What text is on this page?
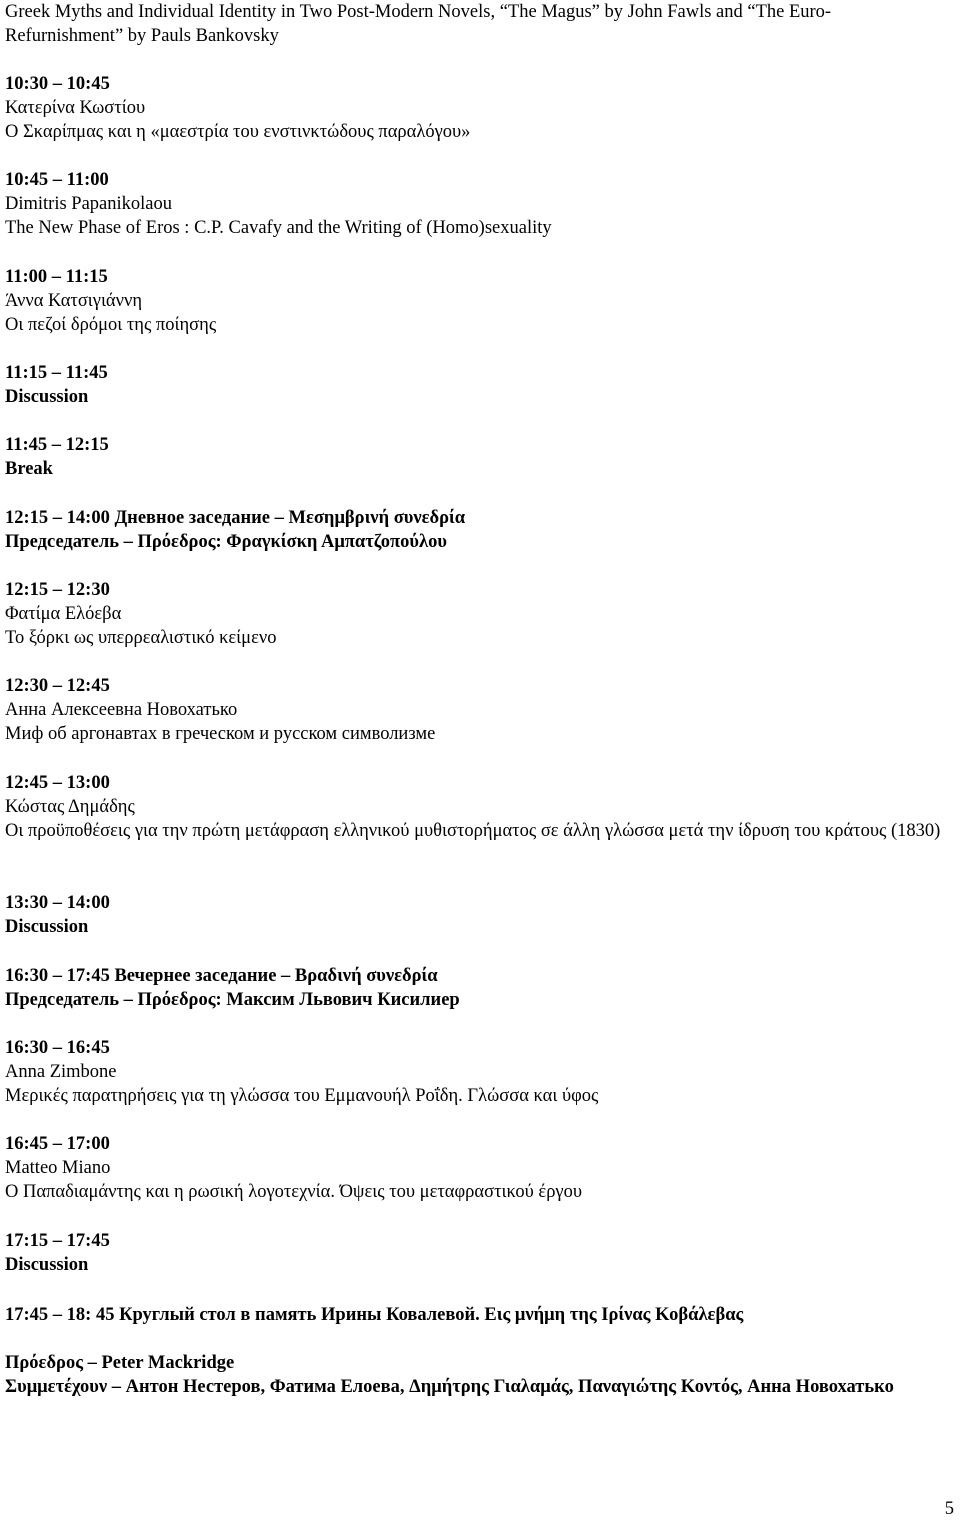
Greek Myths and Individual Identity in Two Post-Modern Novels, “The Magus” by John Fawls and “The Euro-
Refurnishment” by Pauls Bankovsky
10:30 – 10:45
Κατερίνα Κωστίου
Ο Σκαρίπμας και η «μαεστρία του ενστινκτώδους παραλόγου»
10:45 – 11:00
Dimitris Papanikolaou
The New Phase of Eros : C.P. Cavafy and the Writing of (Homo)sexuality
11:00 – 11:15
Άννα Κατσιγιάννη
Οι πεζοί δρόμοι της ποίησης
11:15 – 11:45
Discussion
11:45 – 12:15
Break
12:15 – 14:00 Дневное заседание – Μεσημβρινή συνεδρία
Председатель – Πρόεδρος: Φραγκίσκη Αμπατζοπούλου
12:15 – 12:30
Φατίμα Ελόεβα
Το ξόρκι ως υπερρεαλιστικό κείμενο
12:30 – 12:45
Анна Алексеевна Новохатько
Миф об аргонавтах в греческом и русском символизме
12:45 – 13:00
Κώστας Δημάδης
Οι προϋποθέσεις για την πρώτη μετάφραση ελληνικού μυθιστορήματος σε άλλη γλώσσα μετά την ίδρυση του κράτους (1830)
13:30 – 14:00
Discussion
16:30 – 17:45 Вечернее заседание – Βραδινή συνεδρία
Председатель – Πρόεδρος: Максим Львович Кисилиер
16:30 – 16:45
Anna Zimbone
Μερικές παρατηρήσεις για τη γλώσσα του Εμμανουήλ Ροΐδη. Γλώσσα και ύφος
16:45 – 17:00
Matteo Miano
Ο Παπαδιαμάντης και η ρωσική λογοτεχνία. Όψεις του μεταφραστικού έργου
17:15 – 17:45
Discussion
17:45 – 18: 45 Круглый стол в память Ирины Ковалевой. Εις μνήμη της Ιρίνας Κοβάλεβας
Πρόεδρος – Peter Mackridge
Συμμετέχουν – Антон Нестеров, Фатима Елоева, Δημήτρης Γιαλαμάς, Παναγιώτης Κοντός, Анна Новохатько
5
